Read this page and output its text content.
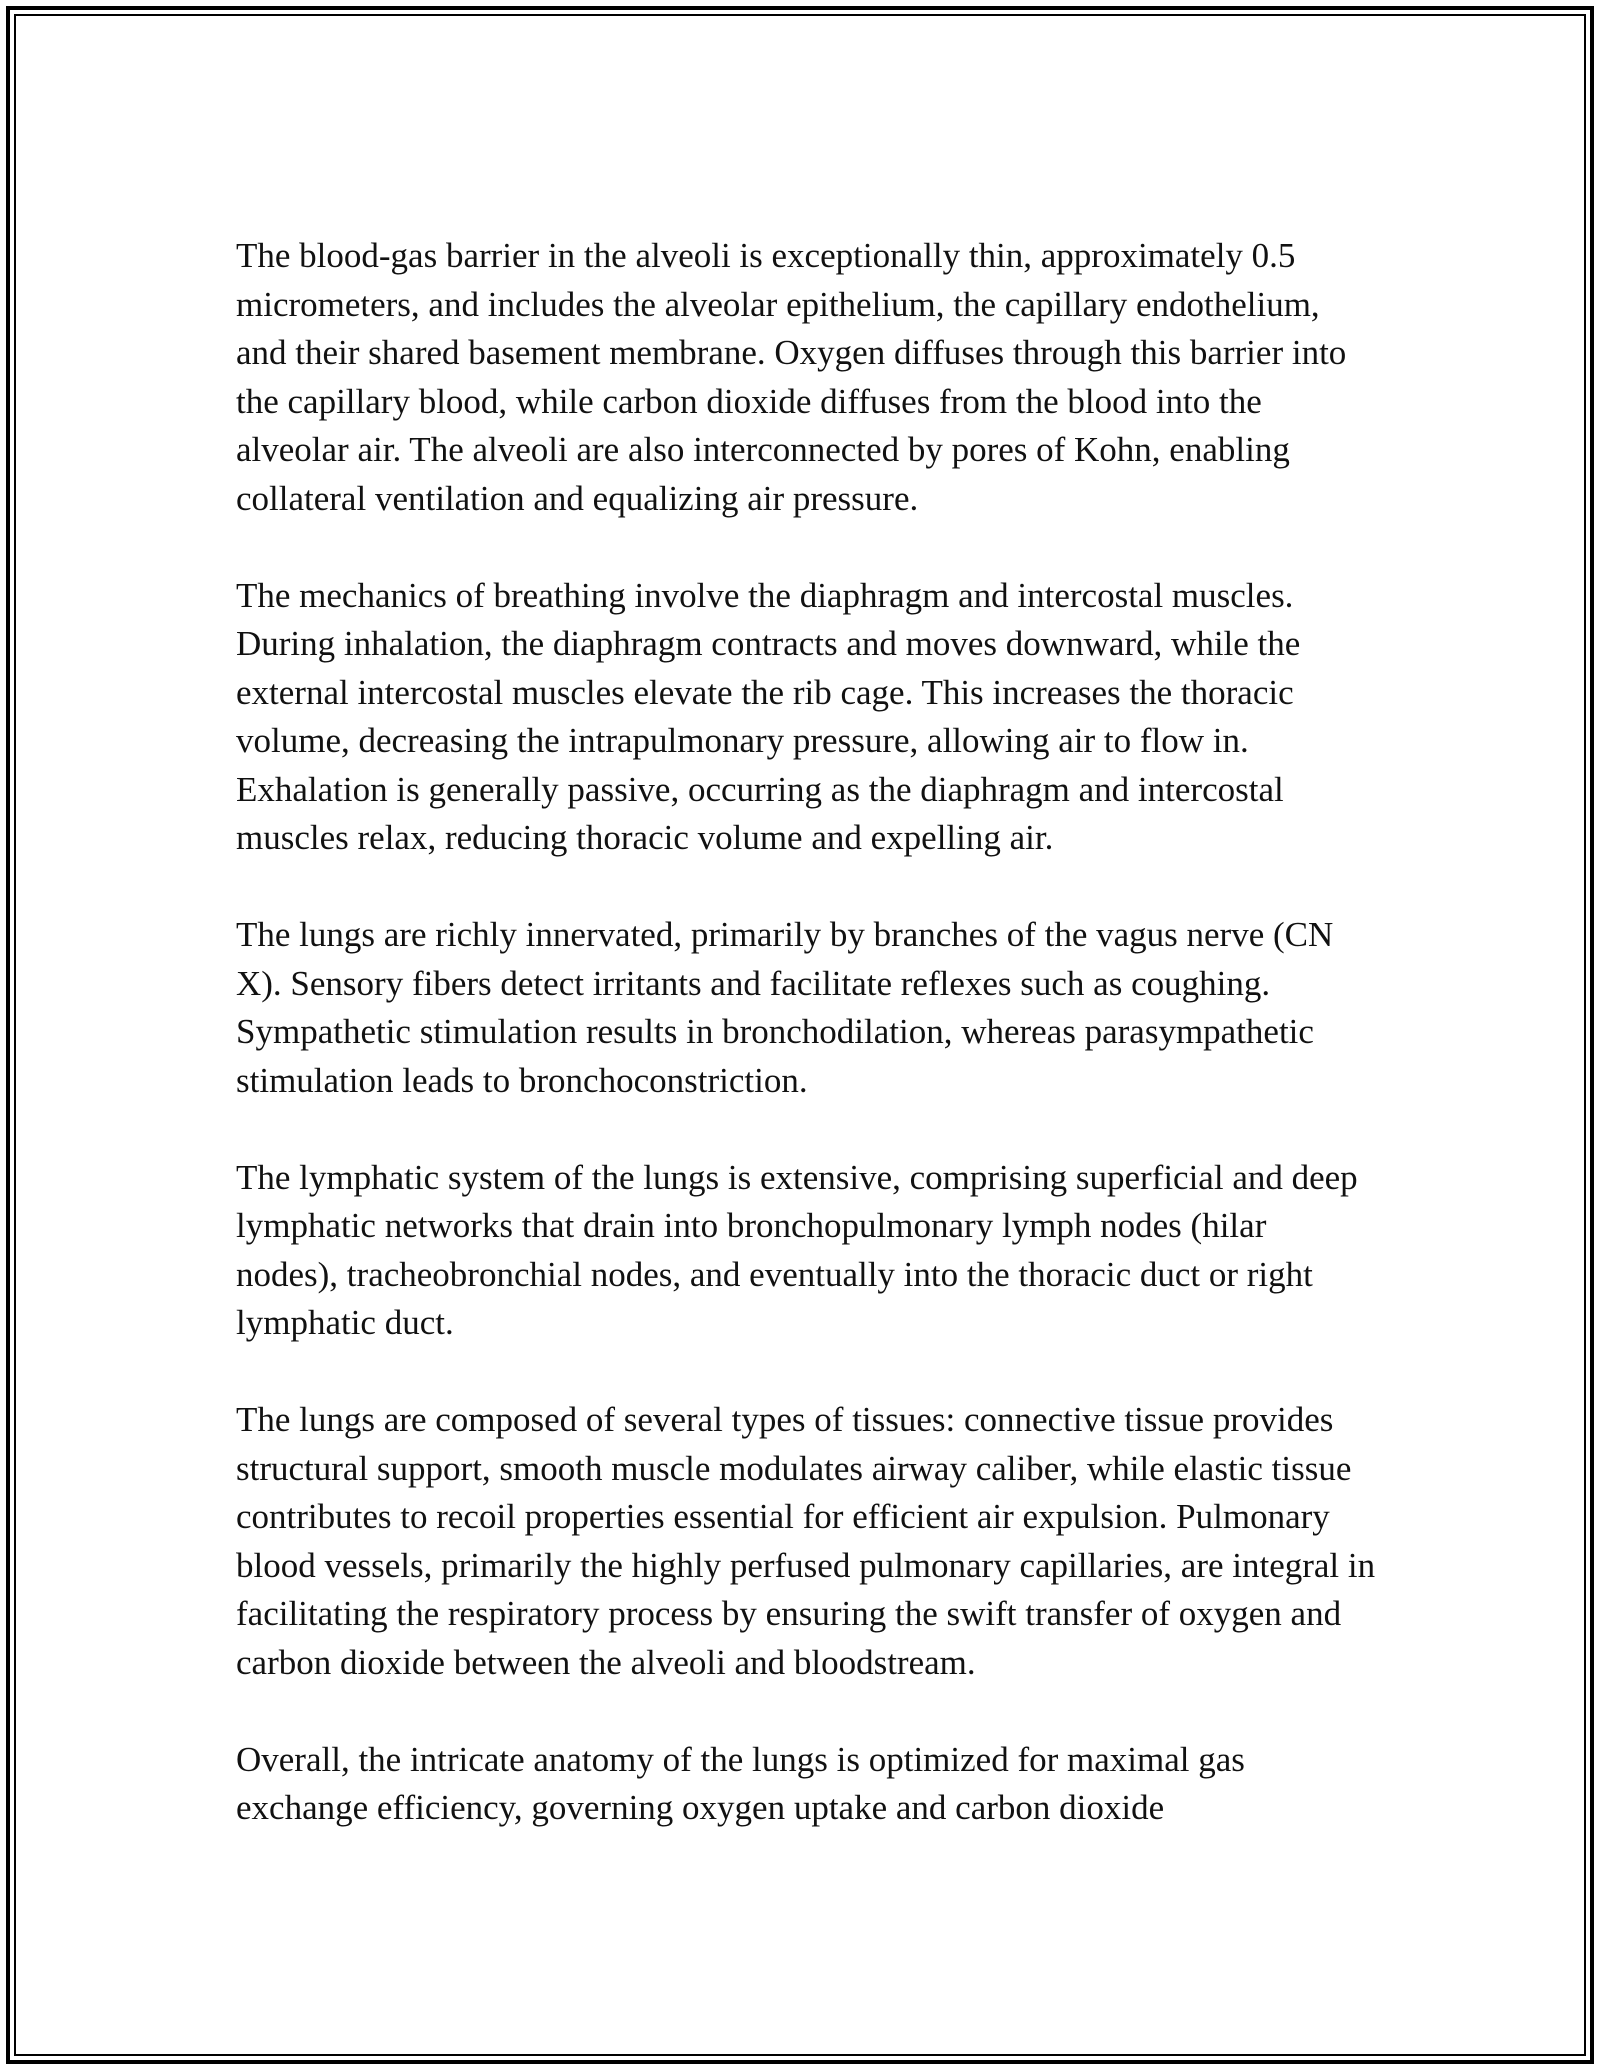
The blood-gas barrier in the alveoli is exceptionally thin, approximately 0.5 micrometers, and includes the alveolar epithelium, the capillary endothelium, and their shared basement membrane. Oxygen diffuses through this barrier into the capillary blood, while carbon dioxide diffuses from the blood into the alveolar air. The alveoli are also interconnected by pores of Kohn, enabling collateral ventilation and equalizing air pressure.

The mechanics of breathing involve the diaphragm and intercostal muscles. During inhalation, the diaphragm contracts and moves downward, while the external intercostal muscles elevate the rib cage. This increases the thoracic volume, decreasing the intrapulmonary pressure, allowing air to flow in. Exhalation is generally passive, occurring as the diaphragm and intercostal muscles relax, reducing thoracic volume and expelling air.

The lungs are richly innervated, primarily by branches of the vagus nerve (CN X). Sensory fibers detect irritants and facilitate reflexes such as coughing. Sympathetic stimulation results in bronchodilation, whereas parasympathetic stimulation leads to bronchoconstriction.

The lymphatic system of the lungs is extensive, comprising superficial and deep lymphatic networks that drain into bronchopulmonary lymph nodes (hilar nodes), tracheobronchial nodes, and eventually into the thoracic duct or right lymphatic duct.

The lungs are composed of several types of tissues: connective tissue provides structural support, smooth muscle modulates airway caliber, while elastic tissue contributes to recoil properties essential for efficient air expulsion. Pulmonary blood vessels, primarily the highly perfused pulmonary capillaries, are integral in facilitating the respiratory process by ensuring the swift transfer of oxygen and carbon dioxide between the alveoli and bloodstream.

Overall, the intricate anatomy of the lungs is optimized for maximal gas exchange efficiency, governing oxygen uptake and carbon dioxide
